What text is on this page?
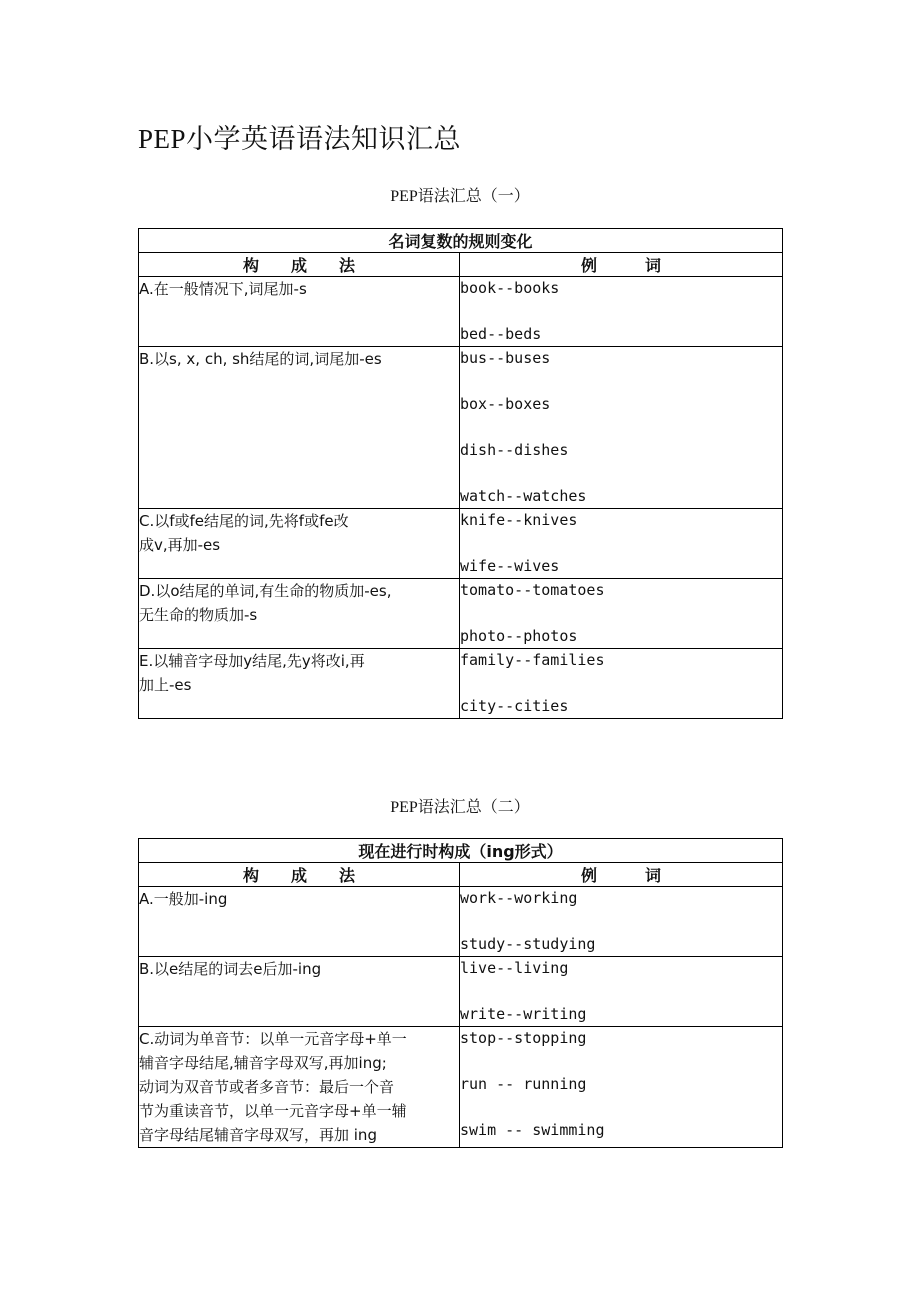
PEP小学英语语法知识汇总
PEP语法汇总（一）
名词复数的规则变化	
构　　成　　法	例　　　词

A.在一般情况下,词尾加-s	book--books
bed--beds

B.以s, x, ch, sh结尾的词,词尾加-es	bus--buses
box--boxes
dish--dishes
watch--watches

C.以f或fe结尾的词,先将f或fe改
成v,再加-es	knife--knives
wife--wives

D.以o结尾的单词,有生命的物质加-es,
无生命的物质加-s	tomato--tomatoes
photo--photos

E.以辅音字母加y结尾,先y将改i,再
加上-es	family--families
city--cities
PEP语法汇总（二）
现在进行时构成（ing形式）	
构　　成　　法	例　　　词

A.一般加-ing	work--working
study--studying

B.以e结尾的词去e后加-ing	live--living
write--writing

C.动词为单音节：以单一元音字母+单一
辅音字母结尾,辅音字母双写,再加ing;
动词为双音节或者多音节：最后一个音
节为重读音节，以单一元音字母+单一辅
音字母结尾辅音字母双写，再加 ing	stop--stopping
run -- running
swim -- swimming
